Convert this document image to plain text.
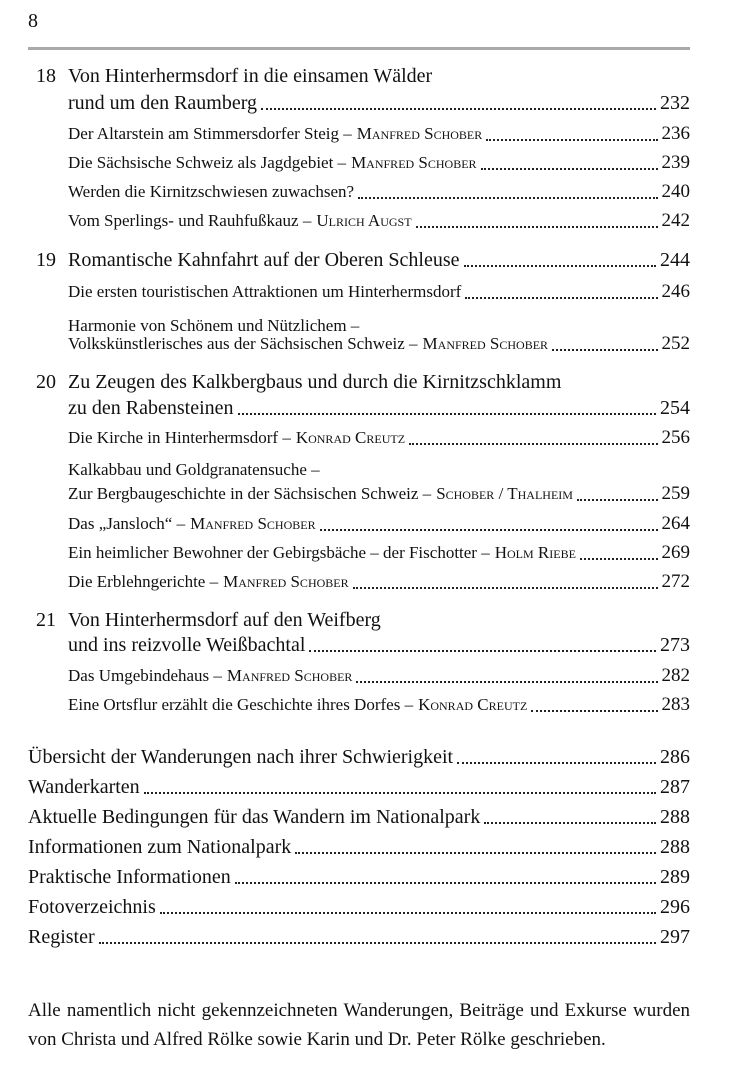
8
18 Von Hinterhermsdorf in die einsamen Wälder
rund um den Raumberg	232
Der Altarstein am Stimmersdorfer Steig – Manfred Schober	236
Die Sächsische Schweiz als Jagdgebiet – Manfred Schober	239
Werden die Kirnitzschwiesen zuwachsen?	240
Vom Sperlings- und Rauhfußkauz – Ulrich Augst	242
19 Romantische Kahnfahrt auf der Oberen Schleuse	244
Die ersten touristischen Attraktionen um Hinterhermsdorf	246
Harmonie von Schönem und Nützlichem –
Volkskünstlerisches aus der Sächsischen Schweiz – Manfred Schober	252
20 Zu Zeugen des Kalkbergbaus und durch die Kirnitzschklamm
zu den Rabensteinen	254
Die Kirche in Hinterhermsdorf – Konrad Creutz	256
Kalkabbau und Goldgranatensuche –
Zur Bergbaugeschichte in der Sächsischen Schweiz – Schober / Thalheim	259
Das „Jansloch“ – Manfred Schober	264
Ein heimlicher Bewohner der Gebirgsbäche – der Fischotter – Holm Riebe	269
Die Erblehngerichte – Manfred Schober	272
21 Von Hinterhermsdorf auf den Weifberg
und ins reizvolle Weißbachtal	273
Das Umgebindehaus – Manfred Schober	282
Eine Ortsflur erzählt die Geschichte ihres Dorfes – Konrad Creutz	283
Übersicht der Wanderungen nach ihrer Schwierigkeit	286
Wanderkarten	287
Aktuelle Bedingungen für das Wandern im Nationalpark	288
Informationen zum Nationalpark	288
Praktische Informationen	289
Fotoverzeichnis	296
Register	297
Alle namentlich nicht gekennzeichneten Wanderungen, Beiträge und Exkurse wurden von Christa und Alfred Rölke sowie Karin und Dr. Peter Rölke geschrieben.
